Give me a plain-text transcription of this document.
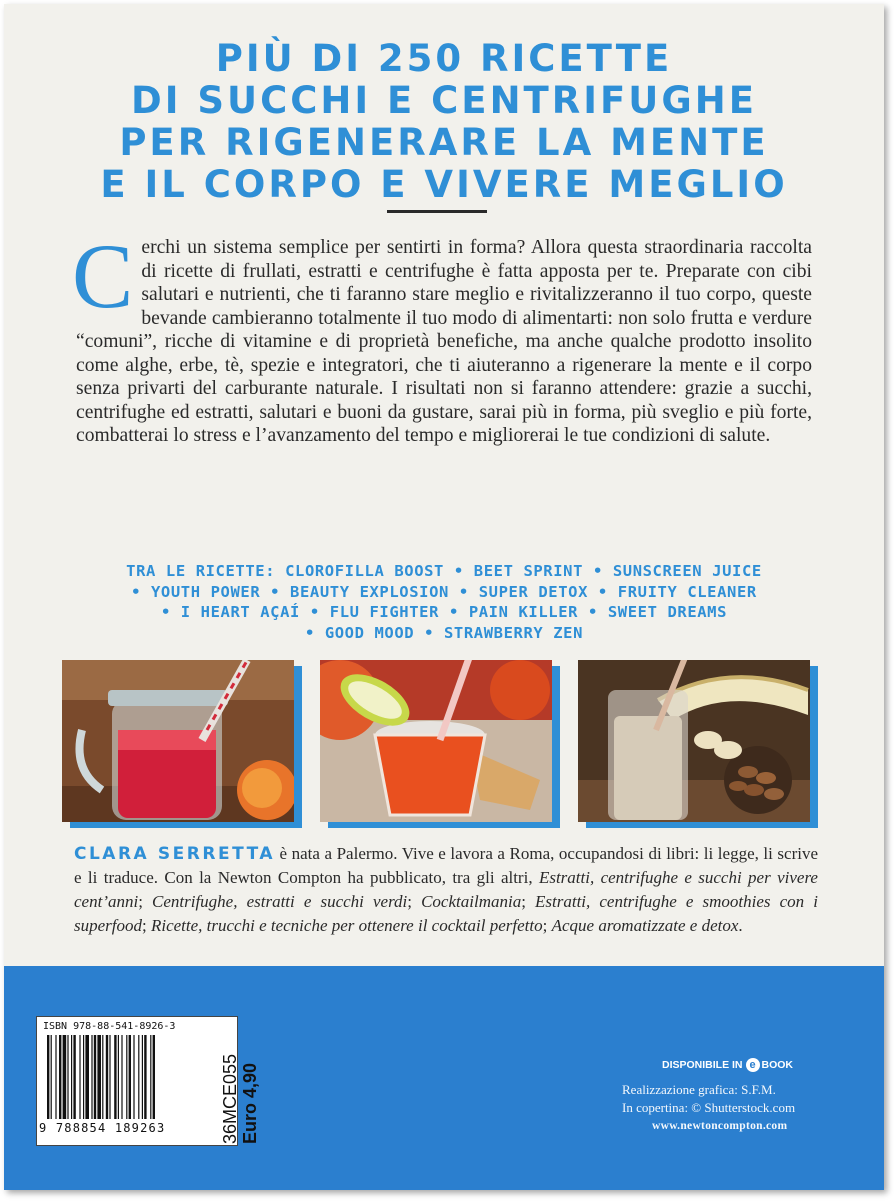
PIÙ DI 250 RICETTE
DI SUCCHI E CENTRIFUGHE
PER RIGENERARE LA MENTE
E IL CORPO E VIVERE MEGLIO

Cerchi un sistema semplice per sentirti in forma? Allora questa straordinaria raccolta di ricette di frullati, estratti e centrifughe è fatta apposta per te. Preparate con cibi salutari e nutrienti, che ti faranno stare meglio e rivitalizzeranno il tuo corpo, queste bevande cambieranno totalmente il tuo modo di alimentarti: non solo frutta e verdure “comuni”, ricche di vitamine e di proprietà benefiche, ma anche qualche prodotto insolito come alghe, erbe, tè, spezie e integratori, che ti aiuteranno a rigenerare la mente e il corpo senza privarti del carburante naturale. I risultati non si faranno attendere: grazie a succhi, centrifughe ed estratti, salutari e buoni da gustare, sarai più in forma, più sveglio e più forte, combatterai lo stress e l’avanzamento del tempo e migliorerai le tue condizioni di salute.

TRA LE RICETTE: CLOROFILLA BOOST • BEET SPRINT • SUNSCREEN JUICE
• YOUTH POWER • BEAUTY EXPLOSION • SUPER DETOX • FRUITY CLEANER
• I HEART AÇAÍ • FLU FIGHTER • PAIN KILLER • SWEET DREAMS
• GOOD MOOD • STRAWBERRY ZEN

CLARA SERRETTA è nata a Palermo. Vive e lavora a Roma, occupandosi di libri: li legge, li scrive e li traduce. Con la Newton Compton ha pubblicato, tra gli altri, Estratti, centrifughe e succhi per vivere cent’anni; Centrifughe, estratti e succhi verdi; Cocktailmania; Estratti, centrifughe e smoothies con i superfood; Ricette, trucchi e tecniche per ottenere il cocktail perfetto; Acque aromatizzate e detox.

ISBN 978-88-541-8926-3
9 788854 189263	36MCE055 Euro 4,90	DISPONIBILE IN e BOOK
Realizzazione grafica: S.F.M.
In copertina: © Shutterstock.com
www.newtoncompton.com
